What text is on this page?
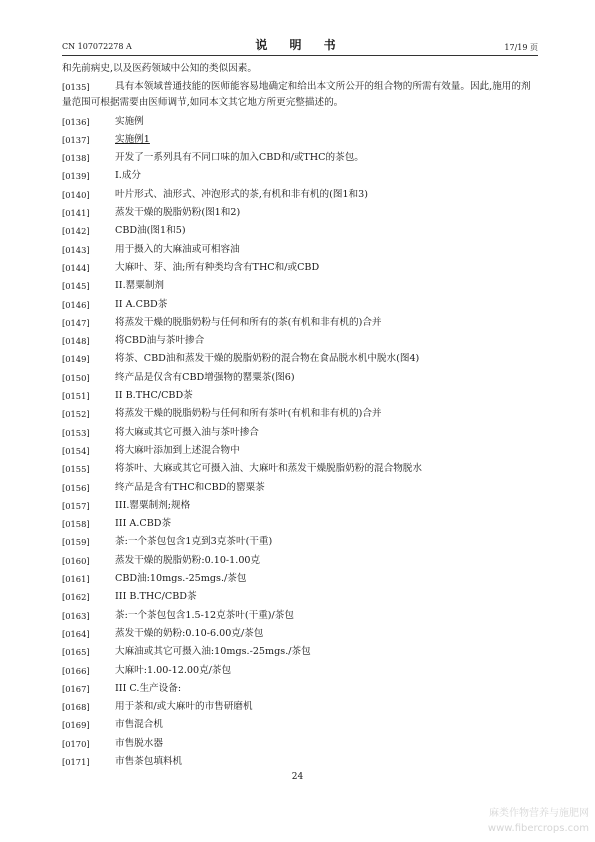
CN 107072278 A	说 明 书	17/19 页
和先前病史,以及医药领域中公知的类似因素。
[0135]	具有本领域普通技能的医师能容易地确定和给出本文所公开的组合物的所需有效量。因此,施用的剂量范围可根据需要由医师调节,如同本文其它地方所更完整描述的。
[0136]	实施例
[0137]	实施例1
[0138]	开发了一系列具有不同口味的加入CBD和/或THC的茶包。
[0139]	I.成分
[0140]	叶片形式、油形式、冲泡形式的茶,有机和非有机的(图1和3)
[0141]	蒸发干燥的脱脂奶粉(图1和2)
[0142]	CBD油(图1和5)
[0143]	用于摄入的大麻油或可相容油
[0144]	大麻叶、芽、油;所有种类均含有THC和/或CBD
[0145]	II.罂粟制剂
[0146]	II A.CBD茶
[0147]	将蒸发干燥的脱脂奶粉与任何和所有的茶(有机和非有机的)合并
[0148]	将CBD油与茶叶掺合
[0149]	将茶、CBD油和蒸发干燥的脱脂奶粉的混合物在食品脱水机中脱水(图4)
[0150]	终产品是仅含有CBD增强物的罂粟茶(图6)
[0151]	II B.THC/CBD茶
[0152]	将蒸发干燥的脱脂奶粉与任何和所有茶叶(有机和非有机的)合并
[0153]	将大麻或其它可摄入油与茶叶掺合
[0154]	将大麻叶添加到上述混合物中
[0155]	将茶叶、大麻或其它可摄入油、大麻叶和蒸发干燥脱脂奶粉的混合物脱水
[0156]	终产品是含有THC和CBD的罂粟茶
[0157]	III.罂粟制剂;规格
[0158]	III A.CBD茶
[0159]	茶:一个茶包包含1克到3克茶叶(干重)
[0160]	蒸发干燥的脱脂奶粉:0.10-1.00克
[0161]	CBD油:10mgs.-25mgs./茶包
[0162]	III B.THC/CBD茶
[0163]	茶:一个茶包包含1.5-12克茶叶(干重)/茶包
[0164]	蒸发干燥的奶粉:0.10-6.00克/茶包
[0165]	大麻油或其它可摄入油:10mgs.-25mgs./茶包
[0166]	大麻叶:1.00-12.00克/茶包
[0167]	III C.生产设备:
[0168]	用于茶和/或大麻叶的市售研磨机
[0169]	市售混合机
[0170]	市售脱水器
[0171]	市售茶包填料机
24
麻类作物营养与施肥网
www.fibercrops.com
